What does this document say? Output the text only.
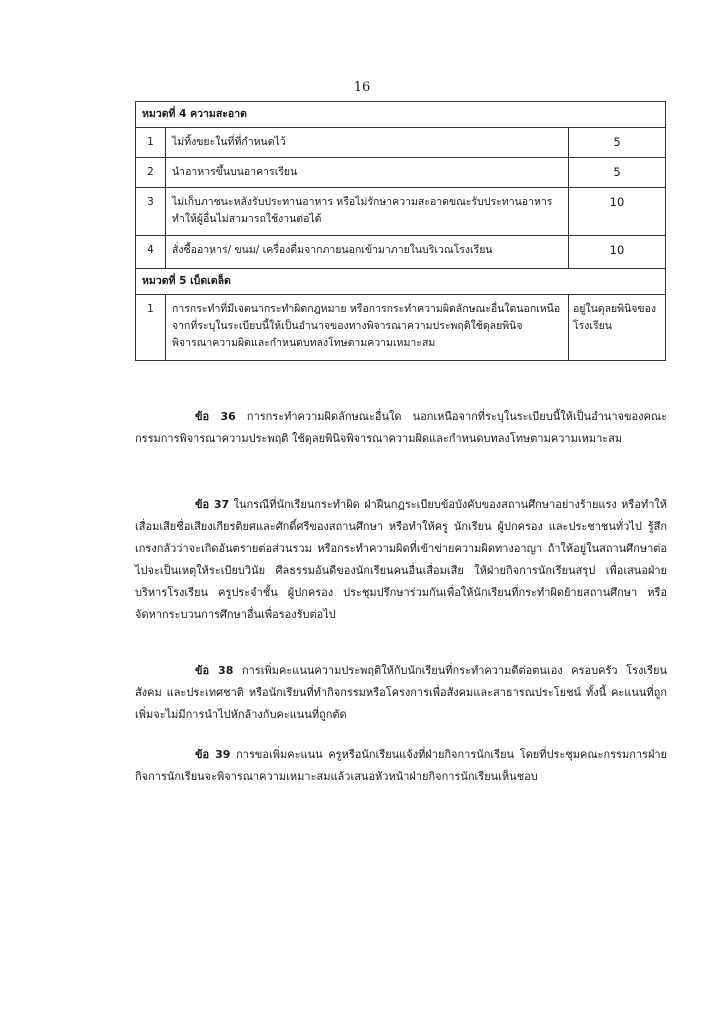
16
หมวดที่ 4 ความสะอาด		
1	ไม่ทิ้งขยะในที่ที่กำหนดไว้	5
2	นำอาหารขึ้นบนอาคารเรียน	5
3	ไม่เก็บภาชนะหลังรับประทานอาหาร หรือไม่รักษาความสะอาดขณะรับประทานอาหารทำให้ผู้อื่นไม่สามารถใช้งานต่อได้	10
4	สั่งซื้ออาหาร/ ขนม/ เครื่องดื่มจากภายนอกเข้ามาภายในบริเวณโรงเรียน	10
หมวดที่ 5 เบ็ดเตล็ด		
1	การกระทำที่มีเจตนากระทำผิดกฎหมาย หรือการกระทำความผิดลักษณะอื่นใดนอกเหนือจากที่ระบุในระเบียบนี้ให้เป็นอำนาจของทางพิจารณาความประพฤติใช้ดุลยพินิจพิจารณาความผิดและกำหนดบทลงโทษตามความเหมาะสม	อยู่ในดุลยพินิจของโรงเรียน

ข้อ 36 การกระทำความผิดลักษณะอื่นใด นอกเหนือจากที่ระบุในระเบียบนี้ให้เป็นอำนาจของคณะกรรมการพิจารณาความประพฤติ ใช้ดุลยพินิจพิจารณาความผิดและกำหนดบทลงโทษตามความเหมาะสม

ข้อ 37 ในกรณีที่นักเรียนกระทำผิด ฝ่าฝืนกฎระเบียบข้อบังคับของสถานศึกษาอย่างร้ายแรง หรือทำให้เสื่อมเสียชื่อเสียงเกียรติยศและศักดิ์ศรีของสถานศึกษา หรือทำให้ครู นักเรียน ผู้ปกครอง และประชาชนทั่วไป รู้สึกเกรงกลัวว่าจะเกิดอันตรายต่อส่วนรวม หรือกระทำความผิดที่เข้าข่ายความผิดทางอาญา ถ้าให้อยู่ในสถานศึกษาต่อไปจะเป็นเหตุให้ระเบียบวินัย ศีลธรรมอันดีของนักเรียนคนอื่นเสื่อมเสีย ให้ฝ่ายกิจการนักเรียนสรุป เพื่อเสนอฝ่ายบริหารโรงเรียน ครูประจำชั้น ผู้ปกครอง ประชุมปรึกษาร่วมกันเพื่อให้นักเรียนที่กระทำผิดย้ายสถานศึกษา หรือจัดหากระบวนการศึกษาอื่นเพื่อรองรับต่อไป

ข้อ 38 การเพิ่มคะแนนความประพฤติให้กับนักเรียนที่กระทำความดีต่อตนเอง ครอบครัว โรงเรียน สังคม และประเทศชาติ หรือนักเรียนที่ทำกิจกรรมหรือโครงการเพื่อสังคมและสาธารณประโยชน์ ทั้งนี้ คะแนนที่ถูกเพิ่มจะไม่มีการนำไปหักล้างกับคะแนนที่ถูกตัด

ข้อ 39 การขอเพิ่มคะแนน ครูหรือนักเรียนแจ้งที่ฝ่ายกิจการนักเรียน โดยที่ประชุมคณะกรรมการฝ่ายกิจการนักเรียนจะพิจารณาความเหมาะสมแล้วเสนอหัวหน้าฝ่ายกิจการนักเรียนเห็นชอบ
